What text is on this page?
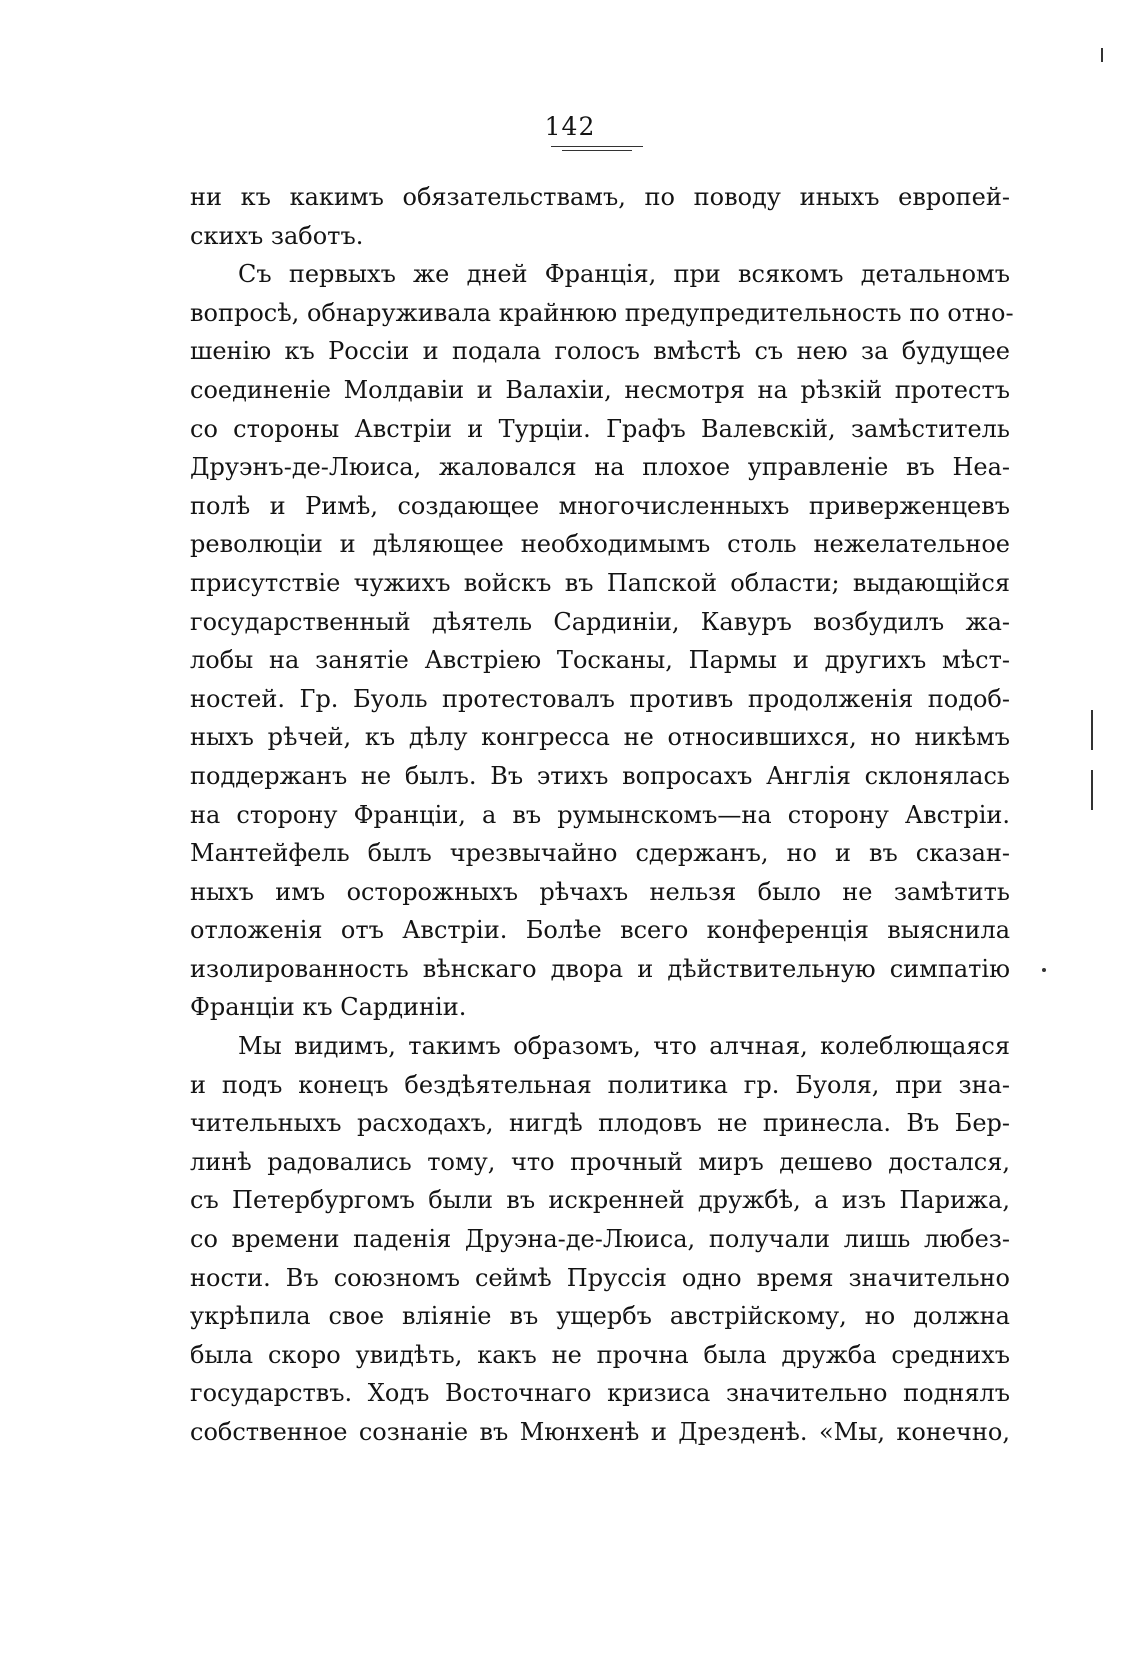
142
ни къ какимъ обязательствамъ, по поводу иныхъ европей-
скихъ заботъ.
Съ первыхъ же дней Францiя, при всякомъ детальномъ
вопросѣ, обнаруживала крайнюю предупредительность по отно-
шенiю къ Россiи и подала голосъ вмѣстѣ съ нею за будущее
соединенiе Молдавiи и Валахiи, несмотря на рѣзкiй протестъ
со стороны Австрiи и Турцiи. Графъ Валевскiй, замѣститель
Друэнъ-де-Люиса, жаловался на плохое управленiе въ Неа-
полѣ и Римѣ, создающее многочисленныхъ приверженцевъ
революцiи и дѣляющее необходимымъ столь нежелательное
присутствiе чужихъ войскъ въ Папской области; выдающiйся
государственный дѣятель Сардинiи, Кавуръ возбудилъ жа-
лобы на занятiе Австрiею Тосканы, Пармы и другихъ мѣст-
ностей. Гр. Буоль протестовалъ противъ продолженiя подоб-
ныхъ рѣчей, къ дѣлу конгресса не относившихся, но никѣмъ
поддержанъ не былъ. Въ этихъ вопросахъ Англiя склонялась
на сторону Францiи, а въ румынскомъ—на сторону Австрiи.
Мантейфель былъ чрезвычайно сдержанъ, но и въ сказан-
ныхъ имъ осторожныхъ рѣчахъ нельзя было не замѣтить
отложенiя отъ Австрiи. Болѣе всего конференцiя выяснила
изолированность вѣнскаго двора и дѣйствительную симпатiю
Францiи къ Сардинiи.
Мы видимъ, такимъ образомъ, что алчная, колеблющаяся
и подъ конецъ бездѣятельная политика гр. Буоля, при зна-
чительныхъ расходахъ, нигдѣ плодовъ не принесла. Въ Бер-
линѣ радовались тому, что прочный миръ дешево достался,
съ Петербургомъ были въ искренней дружбѣ, а изъ Парижа,
со времени паденiя Друэна-де-Люиса, получали лишь любез-
ности. Въ союзномъ сеймѣ Пруссiя одно время значительно
укрѣпила свое влiянiе въ ущербъ австрiйскому, но должна
была скоро увидѣть, какъ не прочна была дружба среднихъ
государствъ. Ходъ Восточнаго кризиса значительно поднялъ
собственное сознанiе въ Мюнхенѣ и Дрезденѣ. «Мы, конечно,
